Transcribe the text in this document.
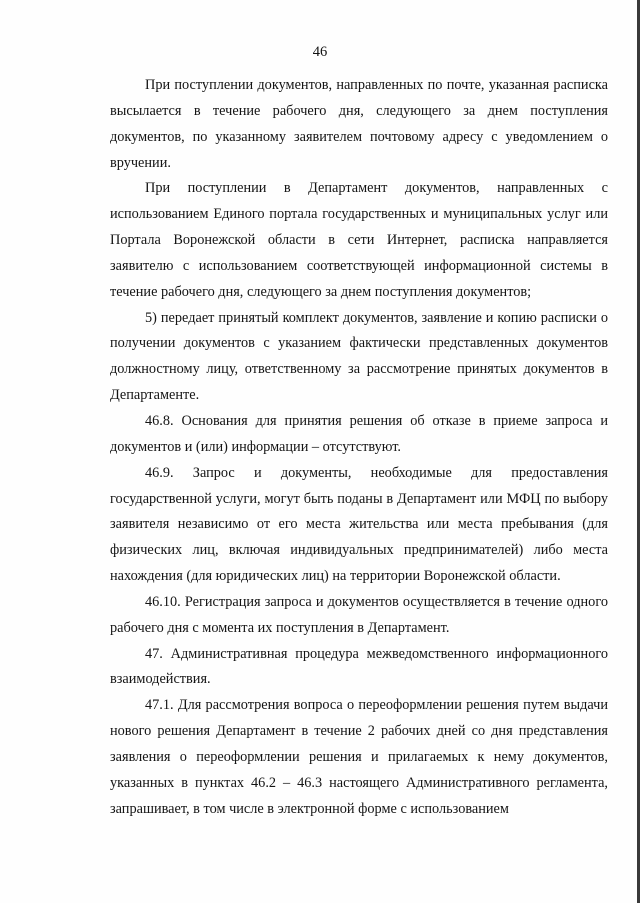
46

При поступлении документов, направленных по почте, указанная расписка высылается в течение рабочего дня, следующего за днем поступления документов, по указанному заявителем почтовому адресу с уведомлением о вручении.

При поступлении в Департамент документов, направленных с использованием Единого портала государственных и муниципальных услуг или Портала Воронежской области в сети Интернет, расписка направляется заявителю с использованием соответствующей информационной системы в течение рабочего дня, следующего за днем поступления документов;

5) передает принятый комплект документов, заявление и копию расписки о получении документов с указанием фактически представленных документов должностному лицу, ответственному за рассмотрение принятых документов в Департаменте.

46.8. Основания для принятия решения об отказе в приеме запроса и документов и (или) информации – отсутствуют.

46.9. Запрос и документы, необходимые для предоставления государственной услуги, могут быть поданы в Департамент или МФЦ по выбору заявителя независимо от его места жительства или места пребывания (для физических лиц, включая индивидуальных предпринимателей) либо места нахождения (для юридических лиц) на территории Воронежской области.

46.10. Регистрация запроса и документов осуществляется в течение одного рабочего дня с момента их поступления в Департамент.

47. Административная процедура межведомственного информационного взаимодействия.

47.1. Для рассмотрения вопроса о переоформлении решения путем выдачи нового решения Департамент в течение 2 рабочих дней со дня представления заявления о переоформлении решения и прилагаемых к нему документов, указанных в пунктах 46.2 – 46.3 настоящего Административного регламента, запрашивает, в том числе в электронной форме с использованием
